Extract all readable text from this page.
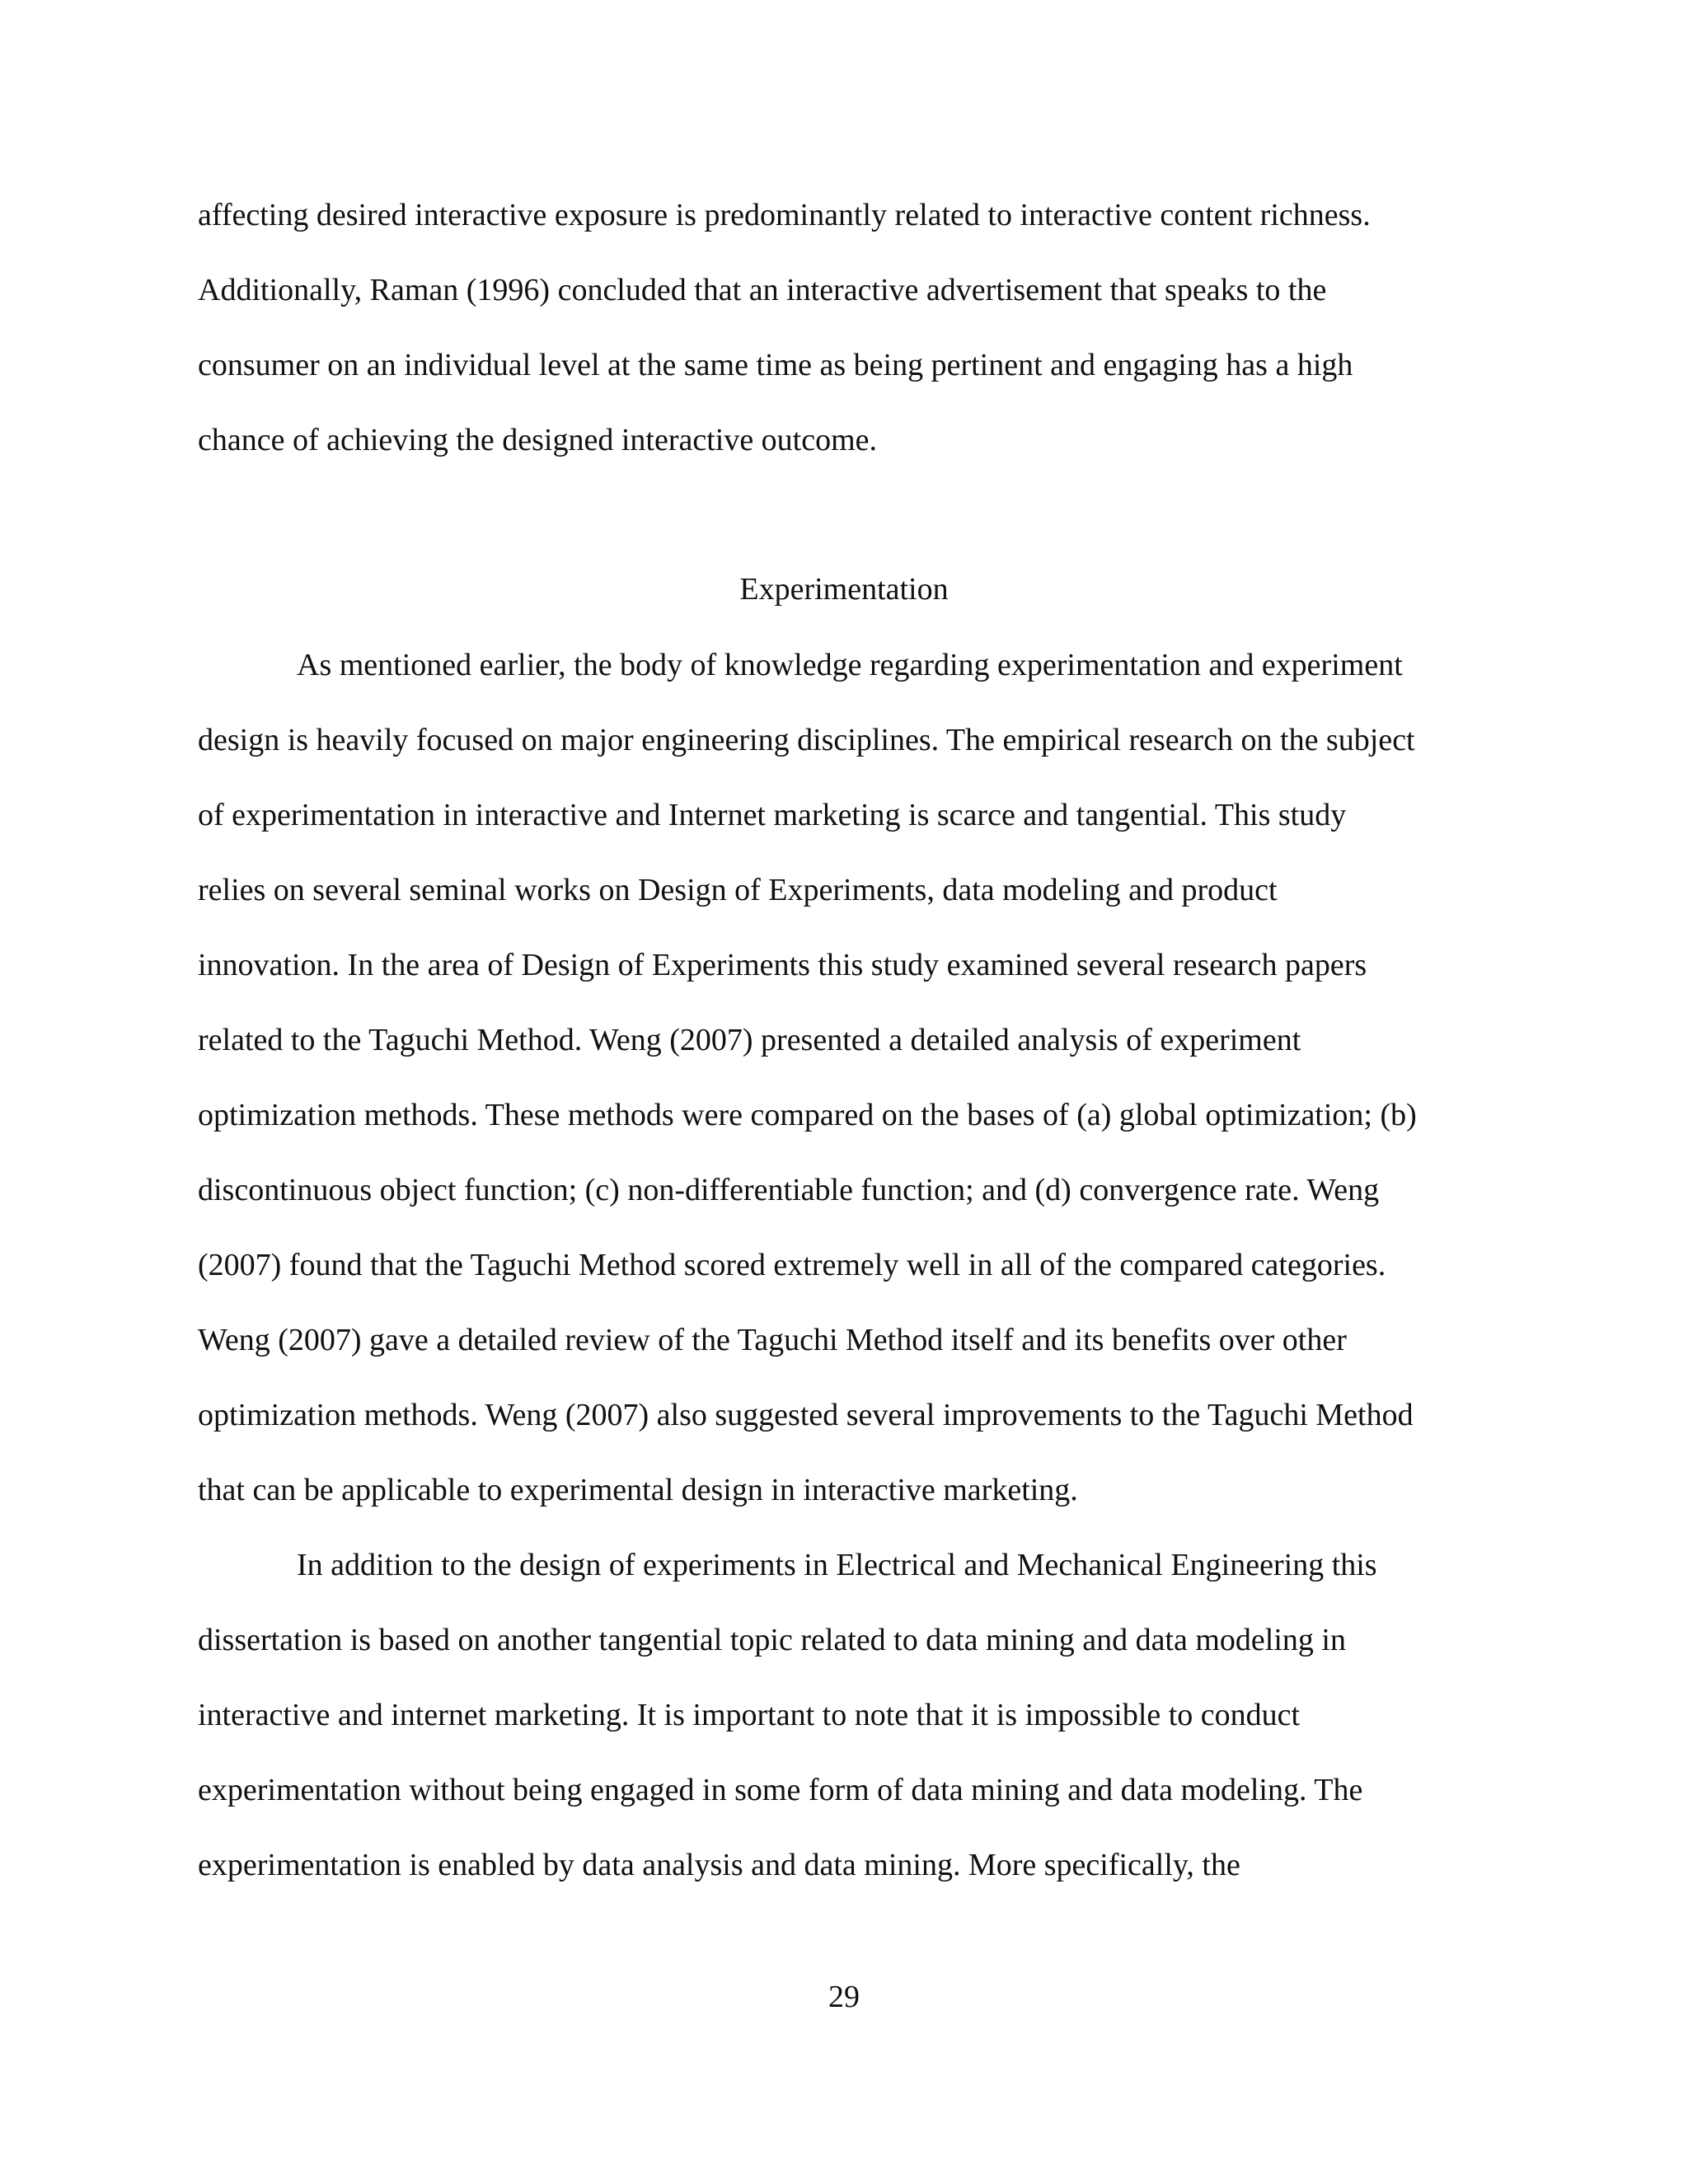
affecting desired interactive exposure is predominantly related to interactive content richness.

Additionally, Raman (1996) concluded that an interactive advertisement that speaks to the

consumer on an individual level at the same time as being pertinent and engaging has a high

chance of achieving the designed interactive outcome.

Experimentation

As mentioned earlier, the body of knowledge regarding experimentation and experiment

design is heavily focused on major engineering disciplines. The empirical research on the subject

of experimentation in interactive and Internet marketing is scarce and tangential. This study

relies on several seminal works on Design of Experiments, data modeling and product

innovation. In the area of Design of Experiments this study examined several research papers

related to the Taguchi Method. Weng (2007) presented a detailed analysis of experiment

optimization methods. These methods were compared on the bases of (a) global optimization; (b)

discontinuous object function; (c) non-differentiable function; and (d) convergence rate. Weng

(2007) found that the Taguchi Method scored extremely well in all of the compared categories.

Weng (2007) gave a detailed review of the Taguchi Method itself and its benefits over other

optimization methods. Weng (2007) also suggested several improvements to the Taguchi Method

that can be applicable to experimental design in interactive marketing.

In addition to the design of experiments in Electrical and Mechanical Engineering this

dissertation is based on another tangential topic related to data mining and data modeling in

interactive and internet marketing. It is important to note that it is impossible to conduct

experimentation without being engaged in some form of data mining and data modeling. The

experimentation is enabled by data analysis and data mining. More specifically, the

29
